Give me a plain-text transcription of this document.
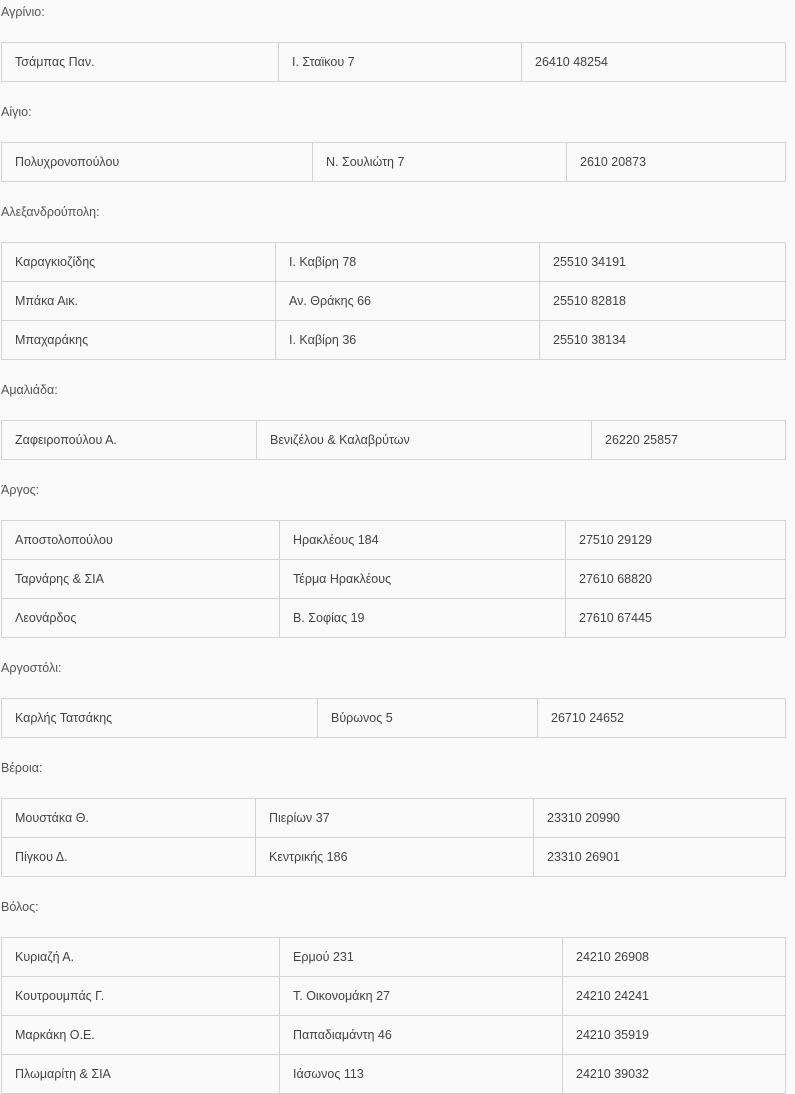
Αγρίνιο:
Τσάμπας Παν.	Ι. Σταϊκου 7	26410 48254
Αίγιο:
Πολυχρονοπούλου	Ν. Σουλιώτη 7	2610 20873
Αλεξανδρούπολη:
Καραγκιοζίδης	Ι. Καβίρη 78	25510 34191
Μπάκα Αικ.	Αν. Θράκης 66	25510 82818
Μπαχαράκης	Ι. Καβίρη 36	25510 38134
Αμαλιάδα:
Ζαφειροπούλου Α.	Βενιζέλου & Καλαβρύτων	26220 25857
Άργος:
Αποστολοπούλου	Ηρακλέους 184	27510 29129
Ταρνάρης & ΣΙΑ	Τέρμα Ηρακλέους	27610 68820
Λεονάρδος	Β. Σοφίας 19	27610 67445
Αργοστόλι:
Καρλής Τατσάκης	Βύρωνος 5	26710 24652
Βέροια:
Μουστάκα Θ.	Πιερίων 37	23310 20990
Πίγκου Δ.	Κεντρικής 186	23310 26901
Βόλος:
Κυριαζή Α.	Ερμού 231	24210 26908
Κουτρουμπάς Γ.	Τ. Οικονομάκη 27	24210 24241
Μαρκάκη Ο.Ε.	Παπαδιαμάντη 46	24210 35919
Πλωμαρίτη & ΣΙΑ	Ιάσωνος 113	24210 39032
